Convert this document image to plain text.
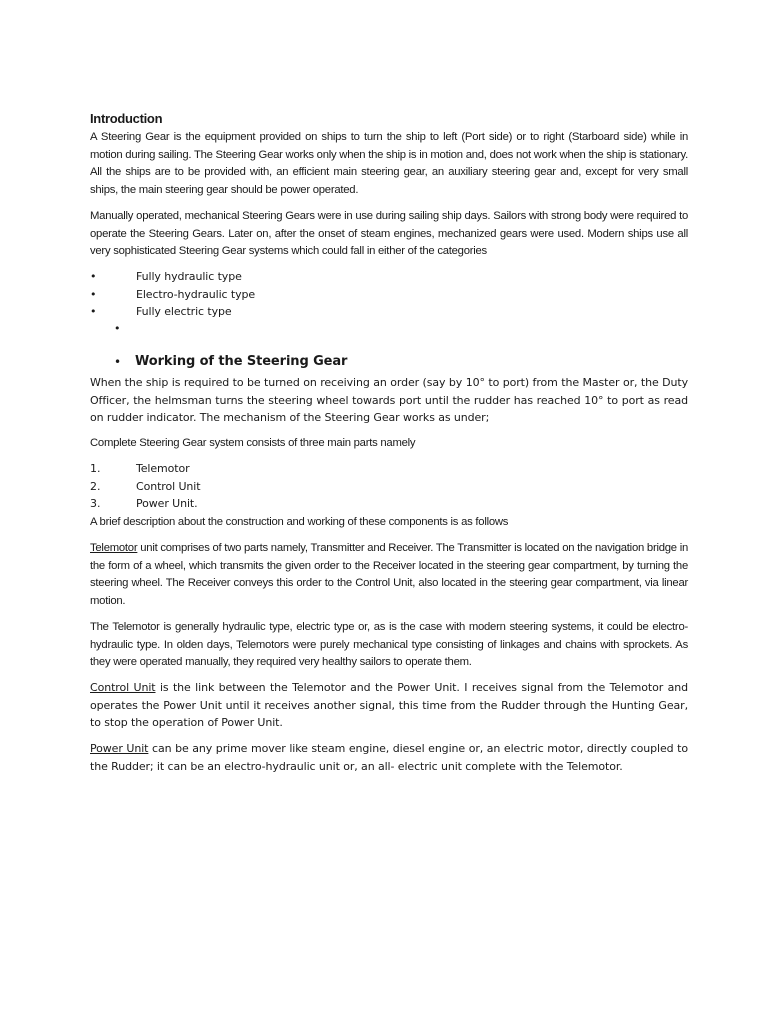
Introduction

A Steering Gear is the equipment provided on ships to turn the ship to left (Port side) or to right (Starboard side) while in motion during sailing. The Steering Gear works only when the ship is in motion and, does not work when the ship is stationary. All the ships are to be provided with, an efficient main steering gear, an auxiliary steering gear and, except for very small ships, the main steering gear should be power operated.

Manually operated, mechanical Steering Gears were in use during sailing ship days. Sailors with strong body were required to operate the Steering Gears. Later on, after the onset of steam engines, mechanized gears were used. Modern ships use all very sophisticated Steering Gear systems which could fall in either of the categories

•	Fully hydraulic type
•	Electro-hydraulic type
•	Fully electric type
•
•	Working of the Steering Gear

When the ship is required to be turned on receiving an order (say by 10° to port) from the Master or, the Duty Officer, the helmsman turns the steering wheel towards port until the rudder has reached 10° to port as read on rudder indicator. The mechanism of the Steering Gear works as under;

Complete Steering Gear system consists of three main parts namely

1.	Telemotor
2.	Control Unit
3.	Power Unit.

A brief description about the construction and working of these components is as follows

Telemotor unit comprises of two parts namely, Transmitter and Receiver. The Transmitter is located on the navigation bridge in the form of a wheel, which transmits the given order to the Receiver located in the steering gear compartment, by turning the steering wheel. The Receiver conveys this order to the Control Unit, also located in the steering gear compartment, via linear motion.

The Telemotor is generally hydraulic type, electric type or, as is the case with modern steering systems, it could be electro-hydraulic type. In olden days, Telemotors were purely mechanical type consisting of linkages and chains with sprockets. As they were operated manually, they required very healthy sailors to operate them.

Control Unit is the link between the Telemotor and the Power Unit. I receives signal from the Telemotor and operates the Power Unit until it receives another signal, this time from the Rudder through the Hunting Gear, to stop the operation of Power Unit.

Power Unit can be any prime mover like steam engine, diesel engine or, an electric motor, directly coupled to the Rudder; it can be an electro-hydraulic unit or, an all- electric unit complete with the Telemotor.
